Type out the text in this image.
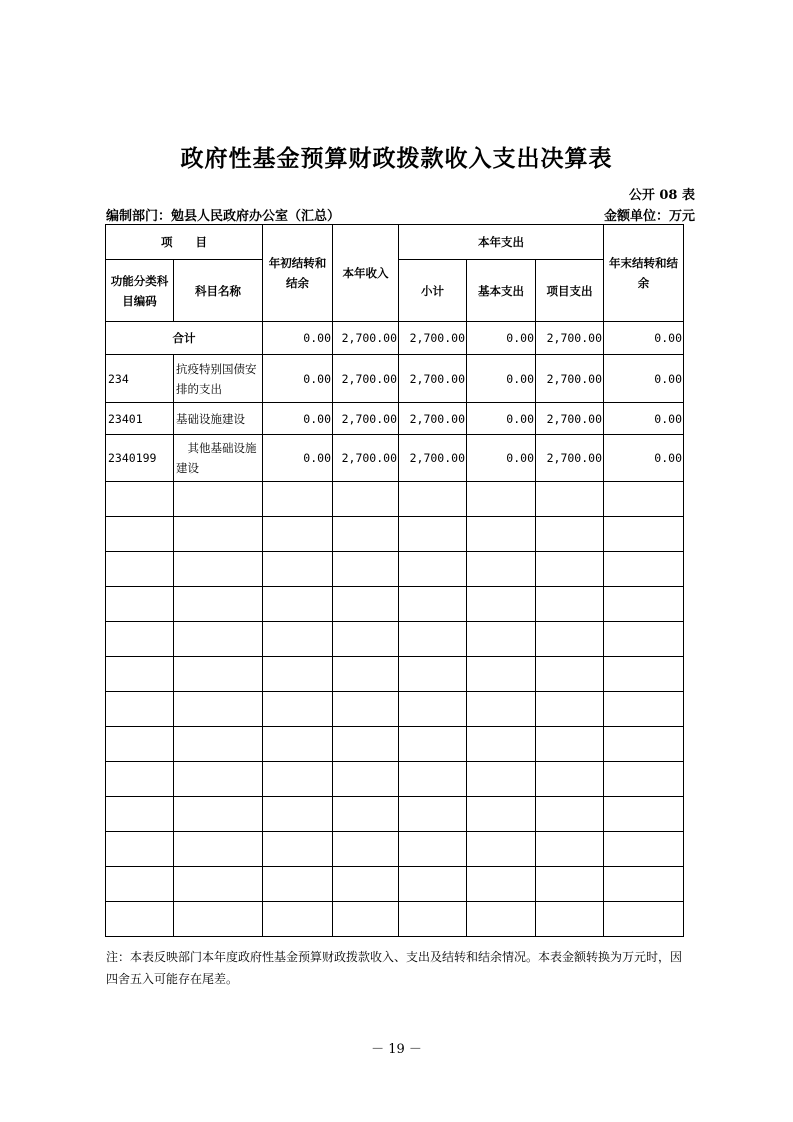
政府性基金预算财政拨款收入支出决算表
公开 08 表
编制部门：勉县人民政府办公室（汇总）	金额单位：万元
项　　目		年初结转和结余	本年收入	本年支出			年末结转和结余
功能分类科目编码	科目名称			小计	基本支出	项目支出	
合计		0.00	2,700.00	2,700.00	0.00	2,700.00	0.00
234	抗疫特别国债安排的支出	0.00	2,700.00	2,700.00	0.00	2,700.00	0.00
23401	基础设施建设	0.00	2,700.00	2,700.00	0.00	2,700.00	0.00
2340199	　其他基础设施建设	0.00	2,700.00	2,700.00	0.00	2,700.00	0.00

注：本表反映部门本年度政府性基金预算财政拨款收入、支出及结转和结余情况。本表金额转换为万元时，因四舍五入可能存在尾差。
－ 19 －
